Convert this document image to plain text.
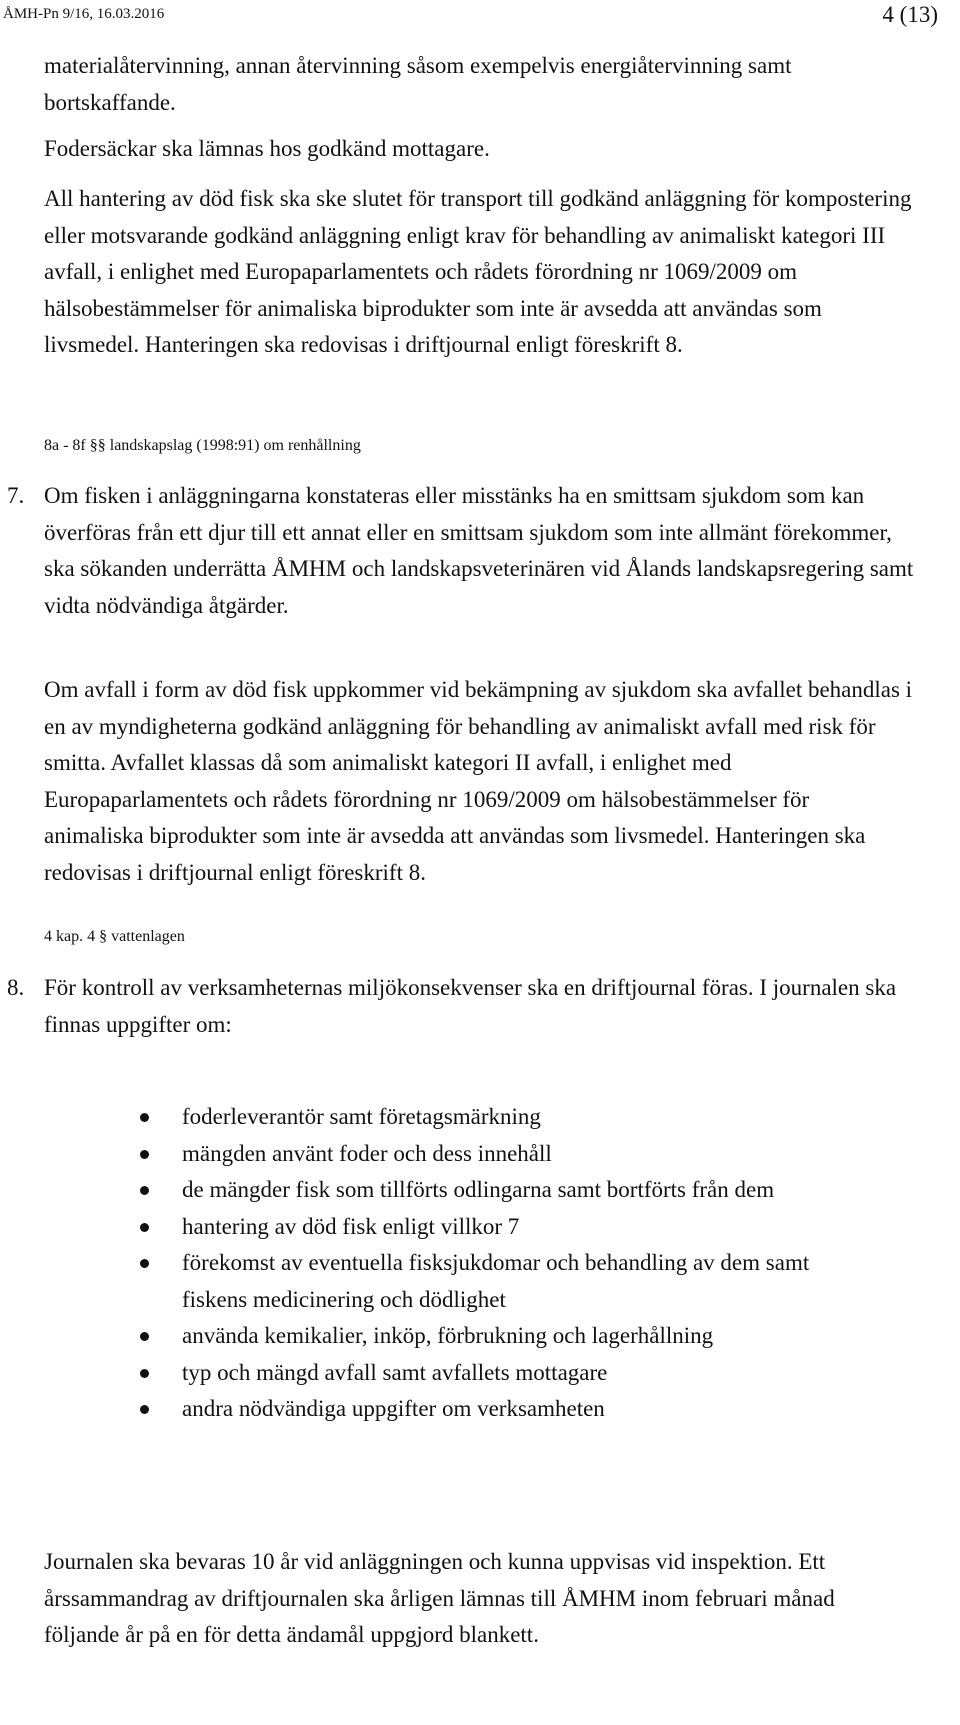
ÅMH-Pn 9/16, 16.03.2016	4 (13)

materialåtervinning, annan återvinning såsom exempelvis energiåtervinning samt bortskaffande.

Fodersäckar ska lämnas hos godkänd mottagare.

All hantering av död fisk ska ske slutet för transport till godkänd anläggning för kompostering eller motsvarande godkänd anläggning enligt krav för behandling av animaliskt kategori III avfall, i enlighet med Europaparlamentets och rådets förordning nr 1069/2009 om hälsobestämmelser för animaliska biprodukter som inte är avsedda att användas som livsmedel. Hanteringen ska redovisas i driftjournal enligt föreskrift 8.

8a - 8f §§ landskapslag (1998:91) om renhållning

7. Om fisken i anläggningarna konstateras eller misstänks ha en smittsam sjukdom som kan överföras från ett djur till ett annat eller en smittsam sjukdom som inte allmänt förekommer, ska sökanden underrätta ÅMHM och landskapsveterinären vid Ålands landskapsregering samt vidta nödvändiga åtgärder.

Om avfall i form av död fisk uppkommer vid bekämpning av sjukdom ska avfallet behandlas i en av myndigheterna godkänd anläggning för behandling av animaliskt avfall med risk för smitta. Avfallet klassas då som animaliskt kategori II avfall, i enlighet med Europaparlamentets och rådets förordning nr 1069/2009 om hälsobestämmelser för animaliska biprodukter som inte är avsedda att användas som livsmedel. Hanteringen ska redovisas i driftjournal enligt föreskrift 8.

4 kap. 4 § vattenlagen

8. För kontroll av verksamheternas miljökonsekvenser ska en driftjournal föras. I journalen ska finnas uppgifter om:

foderleverantör samt företagsmärkning
mängden använt foder och dess innehåll
de mängder fisk som tillförts odlingarna samt bortförts från dem
hantering av död fisk enligt villkor 7
förekomst av eventuella fisksjukdomar och behandling av dem samt fiskens medicinering och dödlighet
använda kemikalier, inköp, förbrukning och lagerhållning
typ och mängd avfall samt avfallets mottagare
andra nödvändiga uppgifter om verksamheten

Journalen ska bevaras 10 år vid anläggningen och kunna uppvisas vid inspektion. Ett årssammandrag av driftjournalen ska årligen lämnas till ÅMHM inom februari månad följande år på en för detta ändamål uppgjord blankett.
